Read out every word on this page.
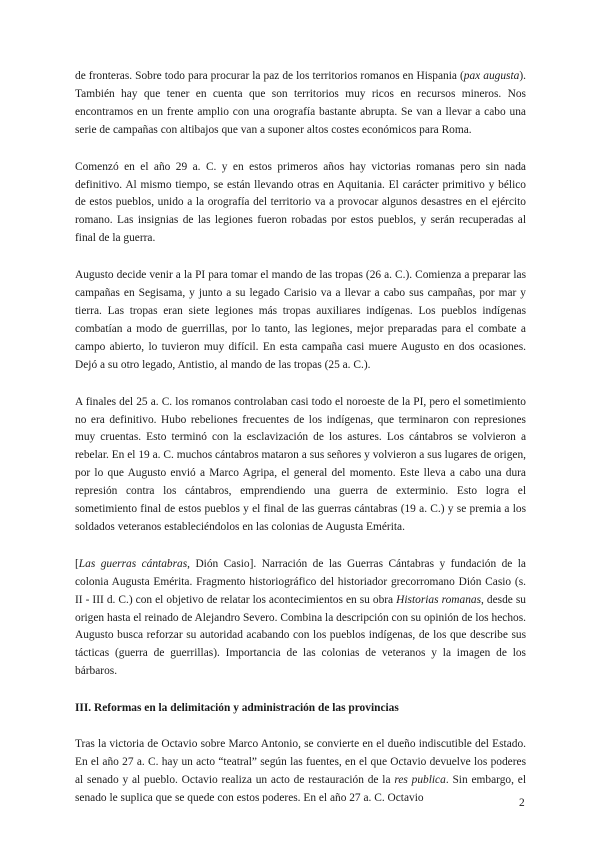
de fronteras. Sobre todo para procurar la paz de los territorios romanos en Hispania (pax augusta). También hay que tener en cuenta que son territorios muy ricos en recursos mineros. Nos encontramos en un frente amplio con una orografía bastante abrupta. Se van a llevar a cabo una serie de campañas con altibajos que van a suponer altos costes económicos para Roma.

Comenzó en el año 29 a. C. y en estos primeros años hay victorias romanas pero sin nada definitivo. Al mismo tiempo, se están llevando otras en Aquitania. El carácter primitivo y bélico de estos pueblos, unido a la orografía del territorio va a provocar algunos desastres en el ejército romano. Las insignias de las legiones fueron robadas por estos pueblos, y serán recuperadas al final de la guerra.

Augusto decide venir a la PI para tomar el mando de las tropas (26 a. C.). Comienza a preparar las campañas en Segisama, y junto a su legado Carisio va a llevar a cabo sus campañas, por mar y tierra. Las tropas eran siete legiones más tropas auxiliares indígenas. Los pueblos indígenas combatían a modo de guerrillas, por lo tanto, las legiones, mejor preparadas para el combate a campo abierto, lo tuvieron muy difícil. En esta campaña casi muere Augusto en dos ocasiones. Dejó a su otro legado, Antistio, al mando de las tropas (25 a. C.).

A finales del 25 a. C. los romanos controlaban casi todo el noroeste de la PI, pero el sometimiento no era definitivo. Hubo rebeliones frecuentes de los indígenas, que terminaron con represiones muy cruentas. Esto terminó con la esclavización de los astures. Los cántabros se volvieron a rebelar. En el 19 a. C. muchos cántabros mataron a sus señores y volvieron a sus lugares de origen, por lo que Augusto envió a Marco Agripa, el general del momento. Este lleva a cabo una dura represión contra los cántabros, emprendiendo una guerra de exterminio. Esto logra el sometimiento final de estos pueblos y el final de las guerras cántabras (19 a. C.) y se premia a los soldados veteranos estableciéndolos en las colonias de Augusta Emérita.

[Las guerras cántabras, Dión Casio]. Narración de las Guerras Cántabras y fundación de la colonia Augusta Emérita. Fragmento historiográfico del historiador grecorromano Dión Casio (s. II - III d. C.) con el objetivo de relatar los acontecimientos en su obra Historias romanas, desde su origen hasta el reinado de Alejandro Severo. Combina la descripción con su opinión de los hechos. Augusto busca reforzar su autoridad acabando con los pueblos indígenas, de los que describe sus tácticas (guerra de guerrillas). Importancia de las colonias de veteranos y la imagen de los bárbaros.

III. Reformas en la delimitación y administración de las provincias

Tras la victoria de Octavio sobre Marco Antonio, se convierte en el dueño indiscutible del Estado. En el año 27 a. C. hay un acto “teatral” según las fuentes, en el que Octavio devuelve los poderes al senado y al pueblo. Octavio realiza un acto de restauración de la res publica. Sin embargo, el senado le suplica que se quede con estos poderes. En el año 27 a. C. Octavio	2
